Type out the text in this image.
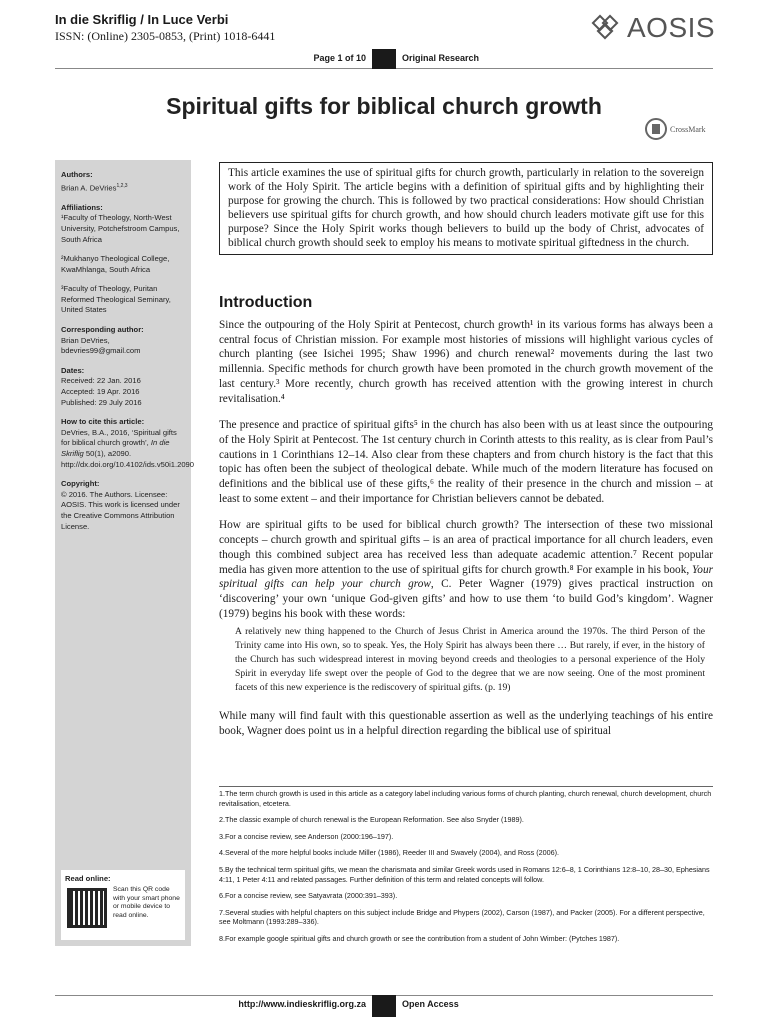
In die Skriflig / In Luce Verbi
ISSN: (Online) 2305-0853, (Print) 1018-6441	AOSIS
Page 1 of 10	Original Research
Spiritual gifts for biblical church growth
CrossMark
Authors:
Brian A. DeVries$^{1,2,3}$
Affiliations:
¹Faculty of Theology, North-West University, Potchefstroom Campus, South Africa
²Mukhanyo Theological College, KwaMhlanga, South Africa
³Faculty of Theology, Puritan Reformed Theological Seminary, United States
Corresponding author:
Brian DeVries,
bdevries99@gmail.com
Dates:
Received: 22 Jan. 2016
Accepted: 19 Apr. 2016
Published: 29 July 2016
How to cite this article:
DeVries, B.A., 2016, ‘Spiritual gifts for biblical church growth’, In die Skriflig 50(1), a2090. http://dx.doi.org/10.4102/ids.v50i1.2090
Copyright:
© 2016. The Authors. Licensee: AOSIS. This work is licensed under the Creative Commons Attribution License.
Read online:
Scan this QR code with your smart phone or mobile device to read online.
This article examines the use of spiritual gifts for church growth, particularly in relation to the sovereign work of the Holy Spirit. The article begins with a definition of spiritual gifts and by highlighting their purpose for growing the church. This is followed by two practical considerations: How should Christian believers use spiritual gifts for church growth, and how should church leaders motivate gift use for this purpose? Since the Holy Spirit works though believers to build up the body of Christ, advocates of biblical church growth should seek to employ his means to motivate spiritual giftedness in the church.
Introduction

Since the outpouring of the Holy Spirit at Pentecost, church growth¹ in its various forms has always been a central focus of Christian mission. For example most histories of missions will highlight various cycles of church planting (see Isichei 1995; Shaw 1996) and church renewal² movements during the last two millennia. Specific methods for church growth have been promoted in the church growth movement of the last century.³ More recently, church growth has received attention with the growing interest in church revitalisation.⁴

The presence and practice of spiritual gifts⁵ in the church has also been with us at least since the outpouring of the Holy Spirit at Pentecost. The 1st century church in Corinth attests to this reality, as is clear from Paul’s cautions in 1 Corinthians 12–14. Also clear from these chapters and from church history is the fact that this topic has often been the subject of theological debate. While much of the modern literature has focused on definitions and the biblical use of these gifts,⁶ the reality of their presence in the church and mission – at least to some extent – and their importance for Christian believers cannot be debated.

How are spiritual gifts to be used for biblical church growth? The intersection of these two missional concepts – church growth and spiritual gifts – is an area of practical importance for all church leaders, even though this combined subject area has received less than adequate academic attention.⁷ Recent popular media has given more attention to the use of spiritual gifts for church growth.⁸ For example in his book, Your spiritual gifts can help your church grow, C. Peter Wagner (1979) gives practical instruction on ‘discovering’ your own ‘unique God-given gifts’ and how to use them ‘to build God’s kingdom’. Wagner (1979) begins his book with these words:

A relatively new thing happened to the Church of Jesus Christ in America around the 1970s. The third Person of the Trinity came into His own, so to speak. Yes, the Holy Spirit has always been there … But rarely, if ever, in the history of the Church has such widespread interest in moving beyond creeds and theologies to a personal experience of the Holy Spirit in everyday life swept over the people of God to the degree that we are now seeing. One of the most prominent facets of this new experience is the rediscovery of spiritual gifts. (p. 19)

While many will find fault with this questionable assertion as well as the underlying teachings of his entire book, Wagner does point us in a helpful direction regarding the biblical use of spiritual

1.The term church growth is used in this article as a category label including various forms of church planting, church renewal, church development, church revitalisation, etcetera.
2.The classic example of church renewal is the European Reformation. See also Snyder (1989).
3.For a concise review, see Anderson (2000:196–197).
4.Several of the more helpful books include Miller (1986), Reeder III and Swavely (2004), and Ross (2006).
5.By the technical term spiritual gifts, we mean the charismata and similar Greek words used in Romans 12:6–8, 1 Corinthians 12:8–10, 28–30, Ephesians 4:11, 1 Peter 4:11 and related passages. Further definition of this term and related concepts will follow.
6.For a concise review, see Satyavrata (2000:391–393).
7.Several studies with helpful chapters on this subject include Bridge and Phypers (2002), Carson (1987), and Packer (2005). For a different perspective, see Moltmann (1993:289–336).
8.For example google spiritual gifts and church growth or see the contribution from a student of John Wimber: (Pytches 1987).
http://www.indieskriflig.org.za	Open Access
